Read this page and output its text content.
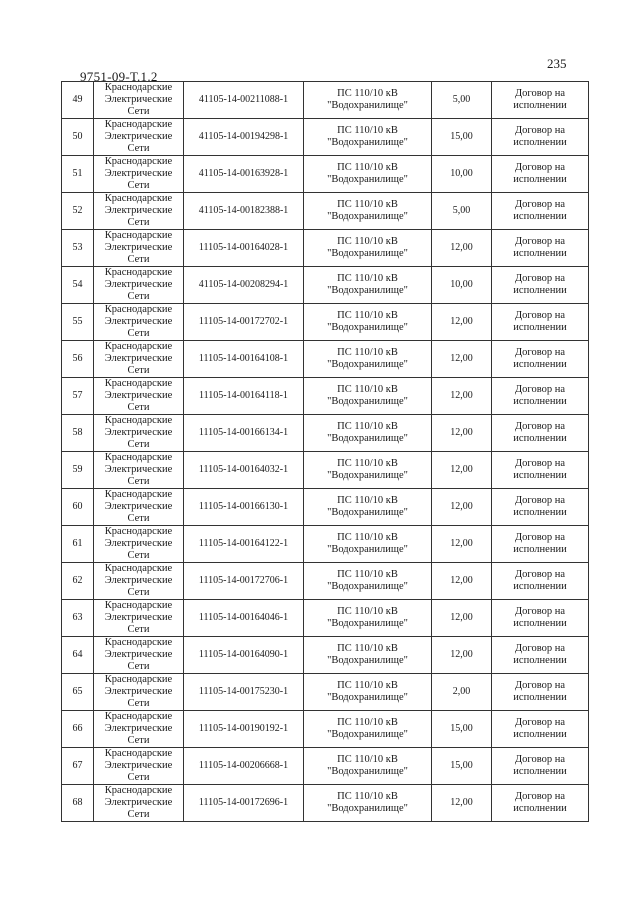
235
9751-09-Т.1.2
49	Краснодарские Электрические Сети	41105-14-00211088-1	ПС 110/10 кВ "Водохранилище"	5,00	Договор на исполнении
50	Краснодарские Электрические Сети	41105-14-00194298-1	ПС 110/10 кВ "Водохранилище"	15,00	Договор на исполнении
51	Краснодарские Электрические Сети	41105-14-00163928-1	ПС 110/10 кВ "Водохранилище"	10,00	Договор на исполнении
52	Краснодарские Электрические Сети	41105-14-00182388-1	ПС 110/10 кВ "Водохранилище"	5,00	Договор на исполнении
53	Краснодарские Электрические Сети	11105-14-00164028-1	ПС 110/10 кВ "Водохранилище"	12,00	Договор на исполнении
54	Краснодарские Электрические Сети	41105-14-00208294-1	ПС 110/10 кВ "Водохранилище"	10,00	Договор на исполнении
55	Краснодарские Электрические Сети	11105-14-00172702-1	ПС 110/10 кВ "Водохранилище"	12,00	Договор на исполнении
56	Краснодарские Электрические Сети	11105-14-00164108-1	ПС 110/10 кВ "Водохранилище"	12,00	Договор на исполнении
57	Краснодарские Электрические Сети	11105-14-00164118-1	ПС 110/10 кВ "Водохранилище"	12,00	Договор на исполнении
58	Краснодарские Электрические Сети	11105-14-00166134-1	ПС 110/10 кВ "Водохранилище"	12,00	Договор на исполнении
59	Краснодарские Электрические Сети	11105-14-00164032-1	ПС 110/10 кВ "Водохранилище"	12,00	Договор на исполнении
60	Краснодарские Электрические Сети	11105-14-00166130-1	ПС 110/10 кВ "Водохранилище"	12,00	Договор на исполнении
61	Краснодарские Электрические Сети	11105-14-00164122-1	ПС 110/10 кВ "Водохранилище"	12,00	Договор на исполнении
62	Краснодарские Электрические Сети	11105-14-00172706-1	ПС 110/10 кВ "Водохранилище"	12,00	Договор на исполнении
63	Краснодарские Электрические Сети	11105-14-00164046-1	ПС 110/10 кВ "Водохранилище"	12,00	Договор на исполнении
64	Краснодарские Электрические Сети	11105-14-00164090-1	ПС 110/10 кВ "Водохранилище"	12,00	Договор на исполнении
65	Краснодарские Электрические Сети	11105-14-00175230-1	ПС 110/10 кВ "Водохранилище"	2,00	Договор на исполнении
66	Краснодарские Электрические Сети	11105-14-00190192-1	ПС 110/10 кВ "Водохранилище"	15,00	Договор на исполнении
67	Краснодарские Электрические Сети	11105-14-00206668-1	ПС 110/10 кВ "Водохранилище"	15,00	Договор на исполнении
68	Краснодарские Электрические Сети	11105-14-00172696-1	ПС 110/10 кВ "Водохранилище"	12,00	Договор на исполнении
